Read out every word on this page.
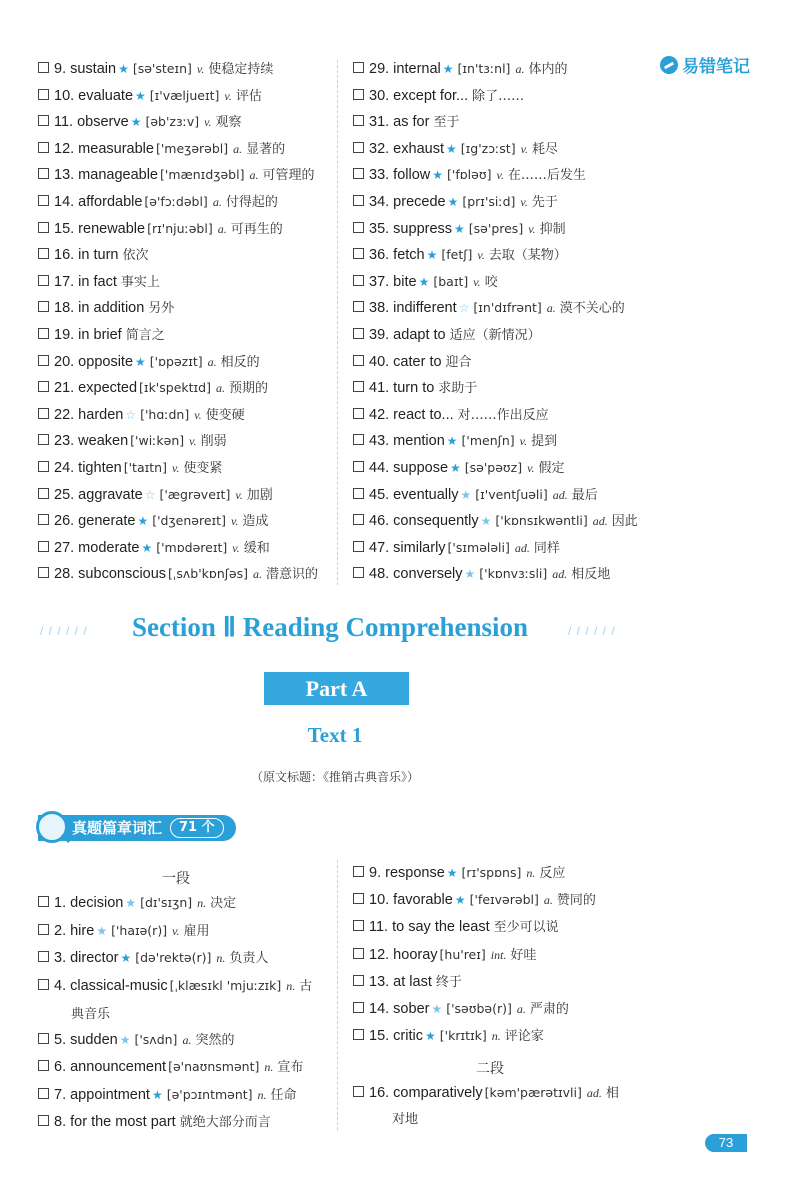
易错笔记
9. sustain ★ [sə'steɪn] v. 使稳定持续
10. evaluate ★ [ɪ'væljueɪt] v. 评估
11. observe ★ [əb'zɜːv] v. 观察
12. measurable ['meʒərəbl] a. 显著的
13. manageable ['mænɪdʒəbl] a. 可管理的
14. affordable [ə'fɔːdəbl] a. 付得起的
15. renewable [rɪ'njuːəbl] a. 可再生的
16. in turn 依次
17. in fact 事实上
18. in addition 另外
19. in brief 简言之
20. opposite ★ ['ɒpəzɪt] a. 相反的
21. expected [ɪk'spektɪd] a. 预期的
22. harden ☆ ['hɑːdn] v. 使变硬
23. weaken ['wiːkən] v. 削弱
24. tighten ['taɪtn] v. 使变紧
25. aggravate ☆ ['ægrəveɪt] v. 加剧
26. generate ★ ['dʒenəreɪt] v. 造成
27. moderate ★ ['mɒdəreɪt] v. 缓和
28. subconscious [ˌsʌb'kɒnʃəs] a. 潜意识的
29. internal ★ [ɪn'tɜːnl] a. 体内的
30. except for... 除了……
31. as for 至于
32. exhaust ★ [ɪg'zɔːst] v. 耗尽
33. follow ★ ['fɒləʊ] v. 在……后发生
34. precede ★ [prɪ'siːd] v. 先于
35. suppress ★ [sə'pres] v. 抑制
36. fetch ★ [fetʃ] v. 去取（某物）
37. bite ★ [baɪt] v. 咬
38. indifferent ☆ [ɪn'dɪfrənt] a. 漠不关心的
39. adapt to 适应（新情况）
40. cater to 迎合
41. turn to 求助于
42. react to... 对……作出反应
43. mention ★ ['menʃn] v. 提到
44. suppose ★ [sə'pəʊz] v. 假定
45. eventually ★ [ɪ'ventʃuəli] ad. 最后
46. consequently ★ ['kɒnsɪkwəntli] ad. 因此
47. similarly ['sɪmələli] ad. 同样
48. conversely ★ ['kɒnvɜːsli] ad. 相反地
/ / / / / /	Section Ⅱ Reading Comprehension	/ / / / / /
Part A
Text 1
（原文标题：《推销古典音乐》）
真题篇章词汇	71 个
一段
1. decision ★ [dɪ'sɪʒn] n. 决定
2. hire ★ ['haɪə(r)] v. 雇用
3. director ★ [də'rektə(r)] n. 负责人
4. classical-music [ˌklæsɪkl 'mjuːzɪk] n. 古
5. sudden ★ ['sʌdn] a. 突然的
6. announcement [ə'naʊnsmənt] n. 宣布
7. appointment ★ [ə'pɔɪntmənt] n. 任命
8. for the most part 就绝大部分而言
典音乐
9. response ★ [rɪ'spɒns] n. 反应
10. favorable ★ ['feɪvərəbl] a. 赞同的
11. to say the least 至少可以说
12. hooray [hu'reɪ] int. 好哇
13. at last 终于
14. sober ★ ['səʊbə(r)] a. 严肃的
15. critic ★ ['krɪtɪk] n. 评论家
二段
16. comparatively [kəm'pærətɪvli] ad. 相
对地
73
